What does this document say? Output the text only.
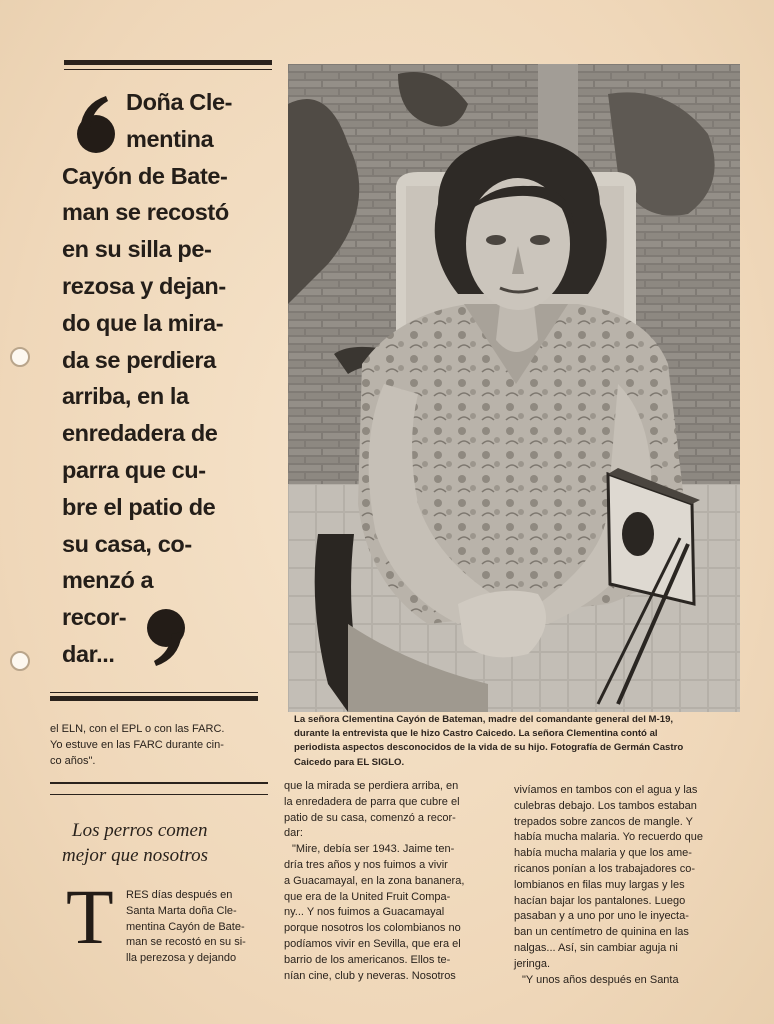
Doña Cle-
mentina
Cayón de Bate-
man se recostó
en su silla pe-
rezosa y dejan-
do que la mira-
da se perdiera
arriba, en la
enredadera de
parra que cu-
bre el patio de
su casa, co-
menzó a
recor-
dar...
La señora Clementina Cayón de Bateman, madre del comandante general del M-19,
durante la entrevista que le hizo Castro Caicedo. La señora Clementina contó al
periodista aspectos desconocidos de la vida de su hijo. Fotografía de Germán Castro
Caicedo para EL SIGLO.
el ELN, con el EPL o con las FARC.
Yo estuve en las FARC durante cin-
co años".
Los perros comen
mejor que nosotros
T RES días después en
Santa Marta doña Cle-
mentina Cayón de Bate-
man se recostó en su si-
lla perezosa y dejando
que la mirada se perdiera arriba, en
la enredadera de parra que cubre el
patio de su casa, comenzó a recor-
dar:
"Mire, debía ser 1943. Jaime ten-
dría tres años y nos fuimos a vivir
a Guacamayal, en la zona bananera,
que era de la United Fruit Compa-
ny... Y nos fuimos a Guacamayal
porque nosotros los colombianos no
podíamos vivir en Sevilla, que era el
barrio de los americanos. Ellos te-
nían cine, club y neveras. Nosotros
vivíamos en tambos con el agua y las
culebras debajo. Los tambos estaban
trepados sobre zancos de mangle. Y
había mucha malaria. Yo recuerdo que
había mucha malaria y que los ame-
ricanos ponían a los trabajadores co-
lombianos en filas muy largas y les
hacían bajar los pantalones. Luego
pasaban y a uno por uno le inyecta-
ban un centímetro de quinina en las
nalgas... Así, sin cambiar aguja ni
jeringa.
"Y unos años después en Santa
